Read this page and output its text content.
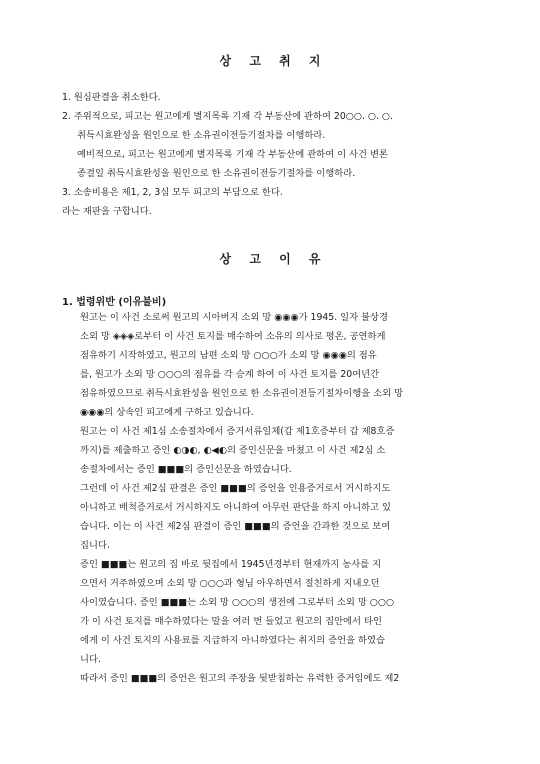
상 고 취 지
1. 원심판결을 취소한다.
2. 주위적으로, 피고는 원고에게 별지목록 기재 각 부동산에 관하여 20○○. ○. ○.
취득시효완성을 원인으로 한 소유권이전등기절차를 이행하라.
예비적으로, 피고는 원고에게 별지목록 기재 각 부동산에 관하여 이 사건 변론
종결일 취득시효완성을 원인으로 한 소유권이전등기절차를 이행하라.
3. 소송비용은 제1, 2, 3심 모두 피고의 부담으로 한다.
라는 재판을 구합니다.
상 고 이 유
1. 법령위반 (이유불비)
원고는 이 사건 소로써 원고의 시아버지 소외 망 ◉◉◉가 1945. 일자 불상경
소외 망 ◈◈◈로부터 이 사건 토지를 매수하여 소유의 의사로 평온, 공연하게
점유하기 시작하였고, 원고의 남편 소외 망 ○○○가 소외 망 ◉◉◉의 점유
를, 원고가 소외 망 ○○○의 점유를 각 승계 하여 이 사건 토지를 20여년간
점유하였으므로 취득시효완성을 원인으로 한 소유권이전등기절차이행을 소외 망
◉◉◉의 상속인 피고에게 구하고 있습니다.
원고는 이 사건 제1심 소송절차에서 증거서류일체(갑 제1호증부터 갑 제8호증
까지)를 제출하고 증인 ◐◑◐, ◐◀◐의 증인신문을 마쳤고 이 사건 제2심 소
송절차에서는 증인 ■■■의 증인신문을 하였습니다.
그런데 이 사건 제2심 판결은 증인 ■■■의 증언을 인용증거로서 거시하지도
아니하고 배척증거로서 거시하지도 아니하여 아무런 판단을 하지 아니하고 있
습니다. 이는 이 사건 제2심 판결이 증인 ■■■의 증언을 간과한 것으로 보여
집니다.
증인 ■■■는 원고의 집 바로 뒷집에서 1945년경부터 현재까지 농사를 지
으면서 거주하였으며 소외 망 ○○○과 형님 아우하면서 절친하게 지내오던
사이였습니다. 증인 ■■■는 소외 망 ○○○의 생전에 그로부터 소외 망 ○○○
가 이 사건 토지를 매수하였다는 말을 여러 번 들었고 원고의 집안에서 타인
에게 이 사건 토지의 사용료를 지급하지 아니하였다는 취지의 증언을 하였습
니다.
따라서 증인 ■■■의 증언은 원고의 주장을 뒷받침하는 유력한 증거임에도 제2
